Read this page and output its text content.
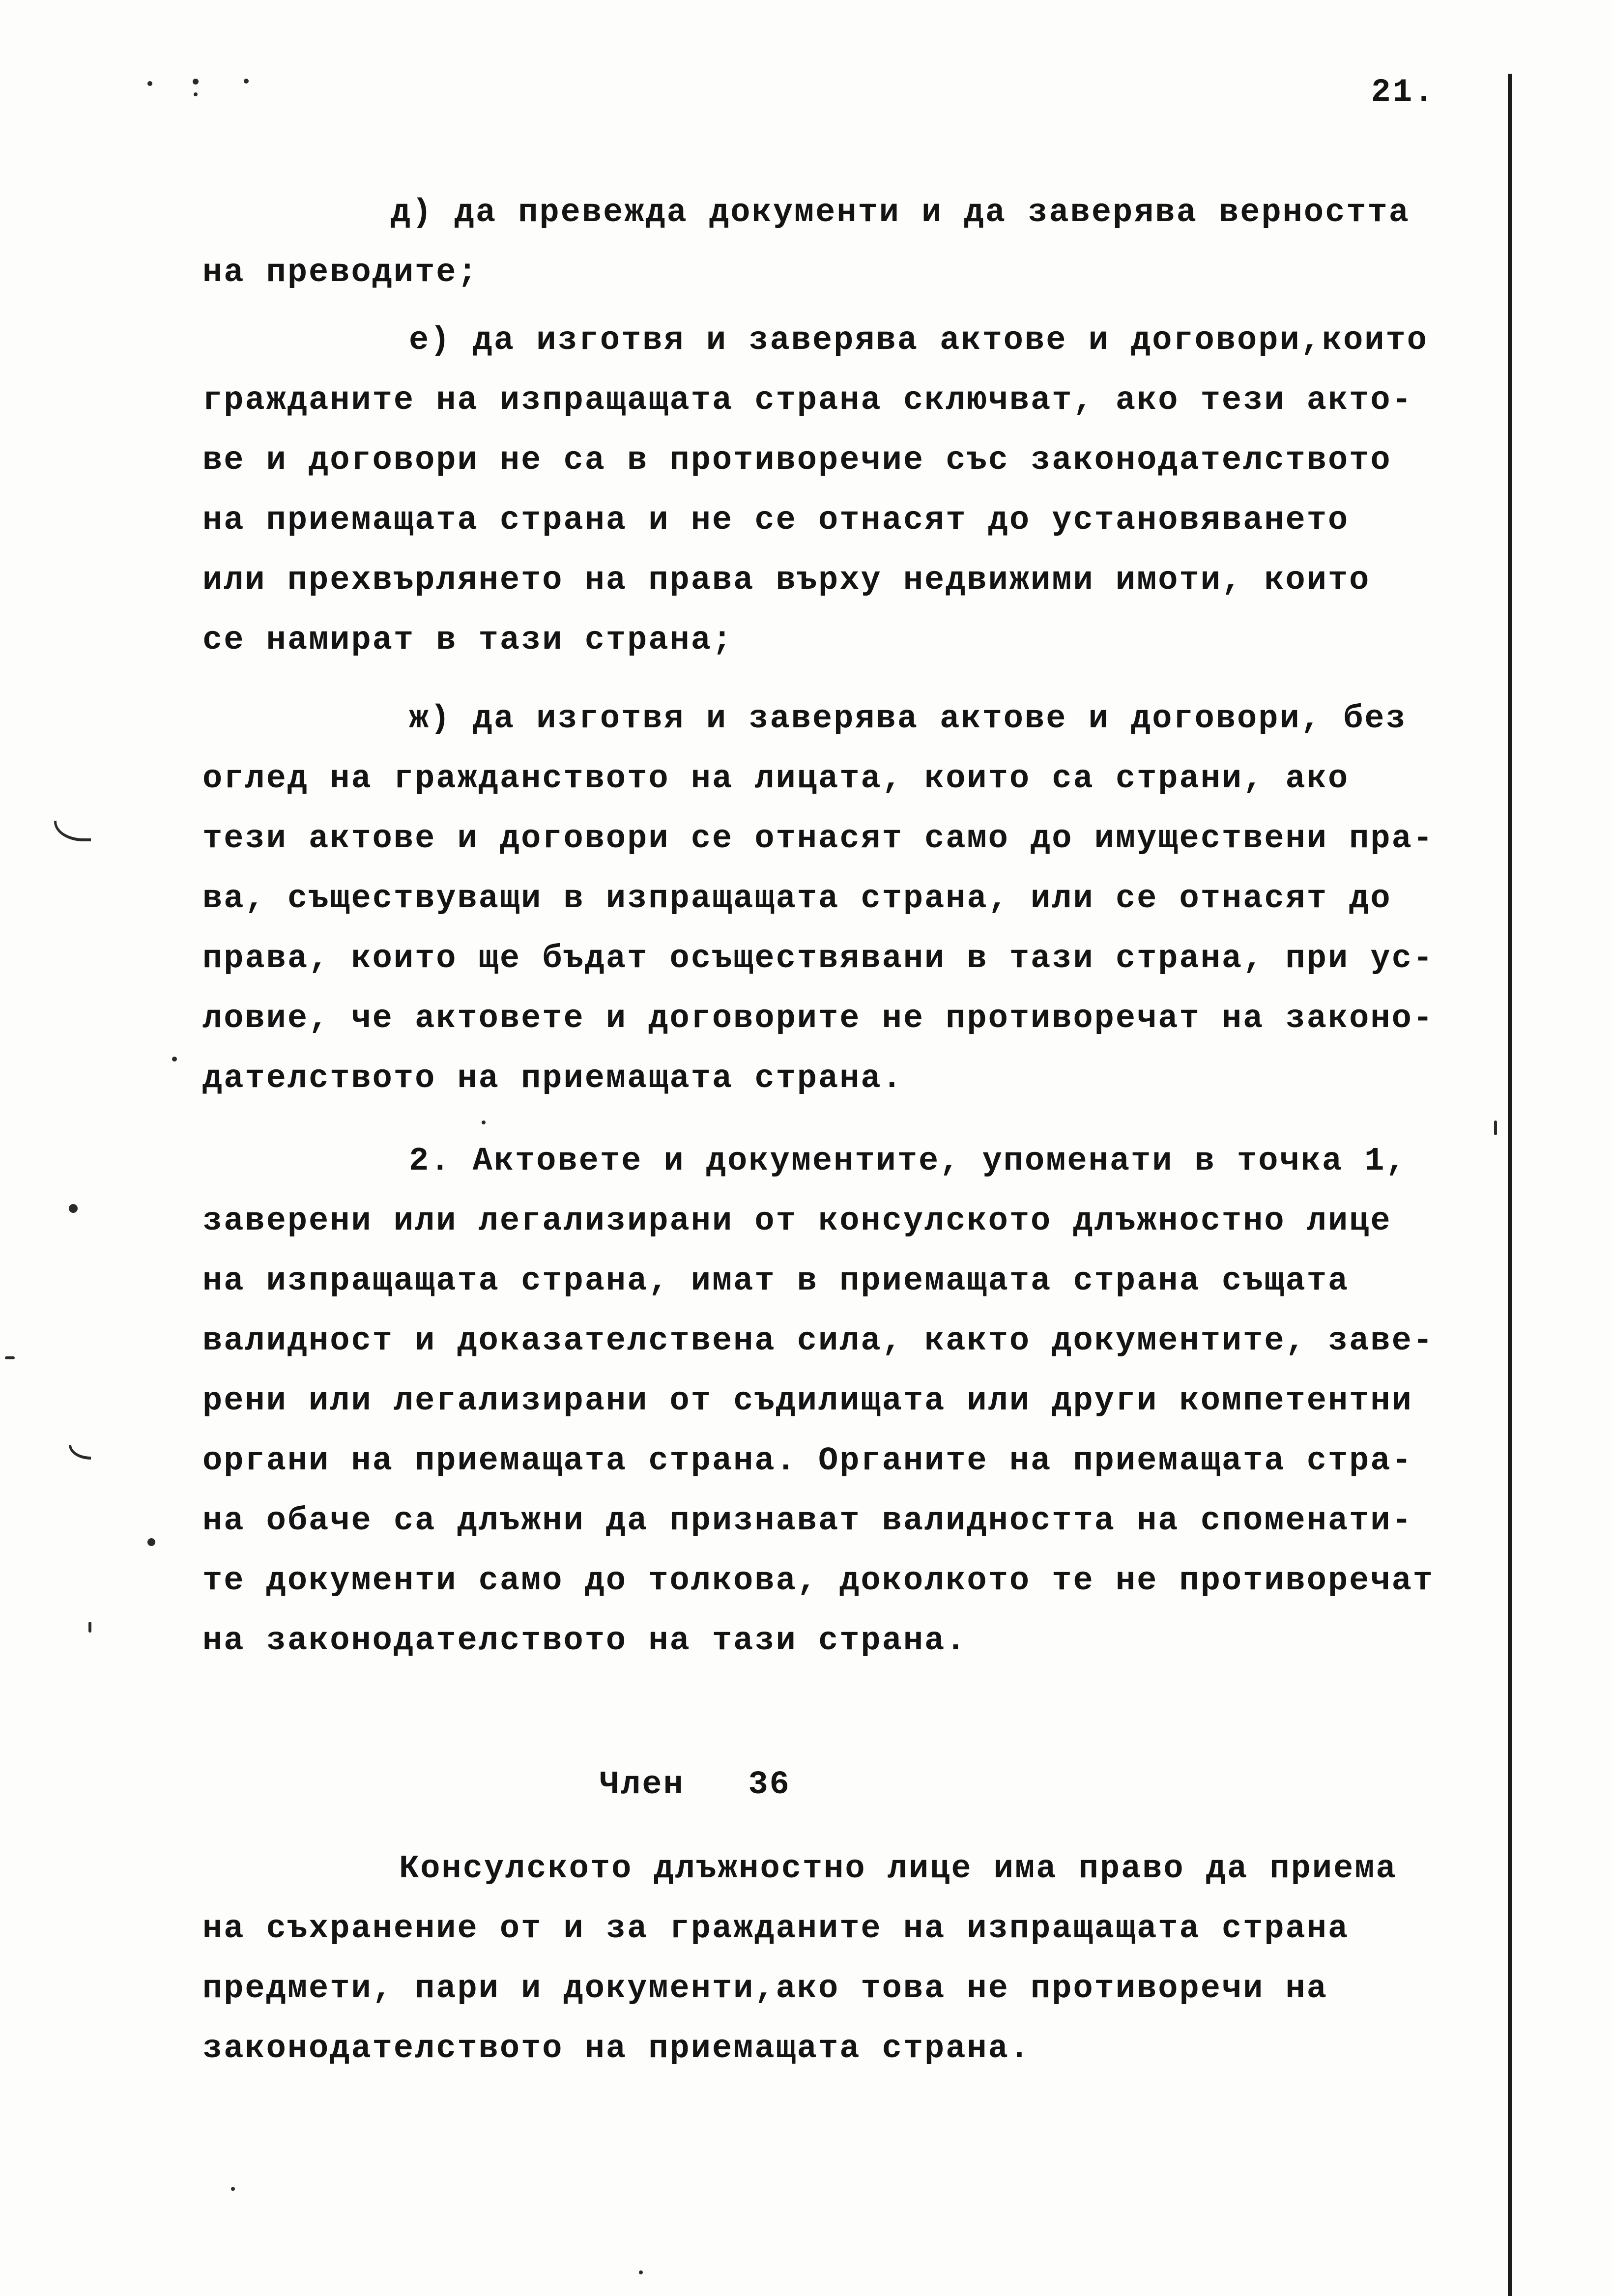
21.
д) да превежда документи и да заверява верността
на преводите;
е) да изготвя и заверява актове и договори,които
гражданите на изпращащата страна сключват, ако тези акто-
ве и договори не са в противоречие със законодателството
на приемащата страна и не се отнасят до установяването
или прехвърлянето на права върху недвижими имоти, които
се намират в тази страна;
ж) да изготвя и заверява актове и договори, без
оглед на гражданството на лицата, които са страни, ако
тези актове и договори се отнасят само до имуществени пра-
ва, съществуващи в изпращащата страна, или се отнасят до
права, които ще бъдат осъществявани в тази страна, при ус-
ловие, че актовете и договорите не противоречат на законо-
дателството на приемащата страна.
2. Актовете и документите, упоменати в точка 1,
заверени или легализирани от консулското длъжностно лице
на изпращащата страна, имат в приемащата страна същата
валидност и доказателствена сила, както документите, заве-
рени или легализирани от съдилищата или други компетентни
органи на приемащата страна. Органите на приемащата стра-
на обаче са длъжни да признават валидността на споменати-
те документи само до толкова, доколкото те не противоречат
на законодателството на тази страна.
Член   36
Консулското длъжностно лице има право да приема
на съхранение от и за гражданите на изпращащата страна
предмети, пари и документи,ако това не противоречи на
законодателството на приемащата страна.
